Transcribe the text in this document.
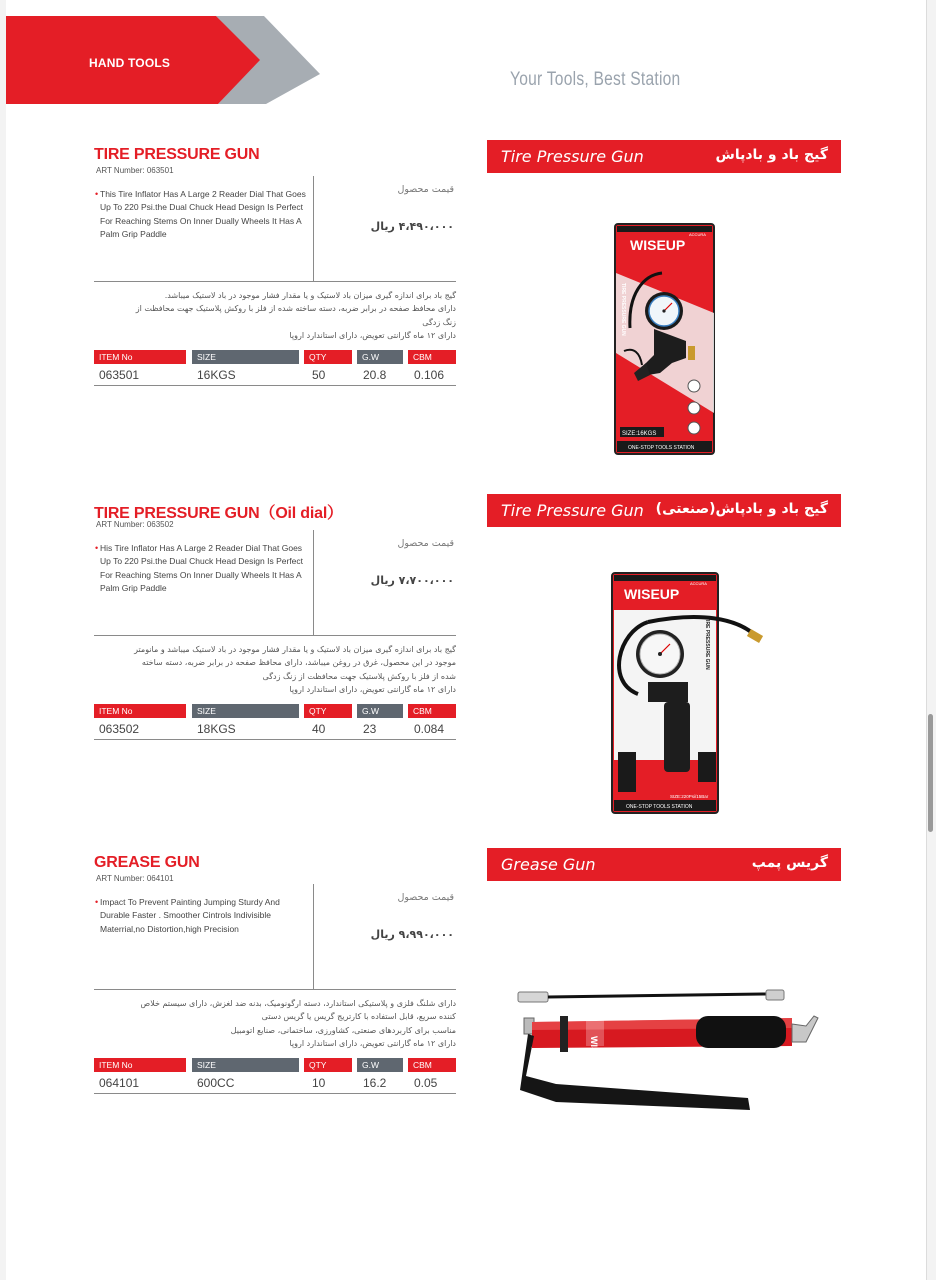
HAND TOOLS
Your Tools, Best Station
TIRE PRESSURE GUN
ART Number: 063501
• This Tire Inflator Has A Large 2 Reader Dial That Goes Up To 220 Psi.the Dual Chuck Head Design Is Perfect For Reaching Stems On Inner Dually Wheels It Has A Palm Grip Paddle
قیمت محصول
۴،۴۹۰،۰۰۰ ریال
گیج باد برای اندازه گیری میزان باد لاستیک و یا مقدار فشار موجود در باد لاستیک میباشد.
دارای محافظ صفحه در برابر ضربه، دسته ساخته شده از فلز با روکش پلاستیک جهت محافظت از
زنگ زدگی
دارای ۱۲ ماه گارانتی تعویض، دارای استاندارد اروپا
ITEM No	SIZE	QTY	G.W	CBM
063501	16KGS	50	20.8	0.106
Tire Pressure Gun	گیج باد و بادپاش
ACCURA
WISEUP
TIRE PRESSURE GUN
SIZE:16KGS
ONE-STOP TOOLS STATION
TIRE PRESSURE GUN（Oil dial）
ART Number: 063502
• His Tire Inflator Has A Large 2 Reader Dial That Goes Up To 220 Psi.the Dual Chuck Head Design Is Perfect For Reaching Stems On Inner Dually Wheels It Has A Palm Grip Paddle
قیمت محصول
۷،۷۰۰،۰۰۰ ریال
گیج باد برای اندازه گیری میزان باد لاستیک و یا مقدار فشار موجود در باد لاستیک میباشد و مانومتر
موجود در این محصول، غرق در روغن میباشد، دارای محافظ صفحه در برابر ضربه، دسته ساخته
شده از فلز با روکش پلاستیک جهت محافظت از زنگ زدگی
دارای ۱۲ ماه گارانتی تعویض، دارای استاندارد اروپا
ITEM No	SIZE	QTY	G.W	CBM
063502	18KGS	40	23	0.084
Tire Pressure Gun گیج باد و بادپاش(صنعتی)
ACCURA
WISEUP
TIRE PRESSURE GUN
SIZE:220Psi/15Bar
ONE-STOP TOOLS STATION
GREASE GUN
ART Number: 064101
• Impact To Prevent Painting Jumping Sturdy And Durable Faster . Smoother Cintrols Indivisible Materrial,no Distortion,high Precision
قیمت محصول
۹،۹۹۰،۰۰۰ ریال
دارای شلنگ فلزی و پلاستیکی استاندارد، دسته ارگونومیک، بدنه ضد لغزش، دارای سیستم خلاص
کننده سریع، قابل استفاده با کارتریج گریس یا گریس دستی
مناسب برای کاربردهای صنعتی، کشاورزی، ساختمانی، صنایع اتومبیل
دارای ۱۲ ماه گارانتی تعویض، دارای استاندارد اروپا
ITEM No	SIZE	QTY	G.W	CBM
064101	600CC	10	16.2	0.05
Grease Gun	گریس پمپ
WISEUP
